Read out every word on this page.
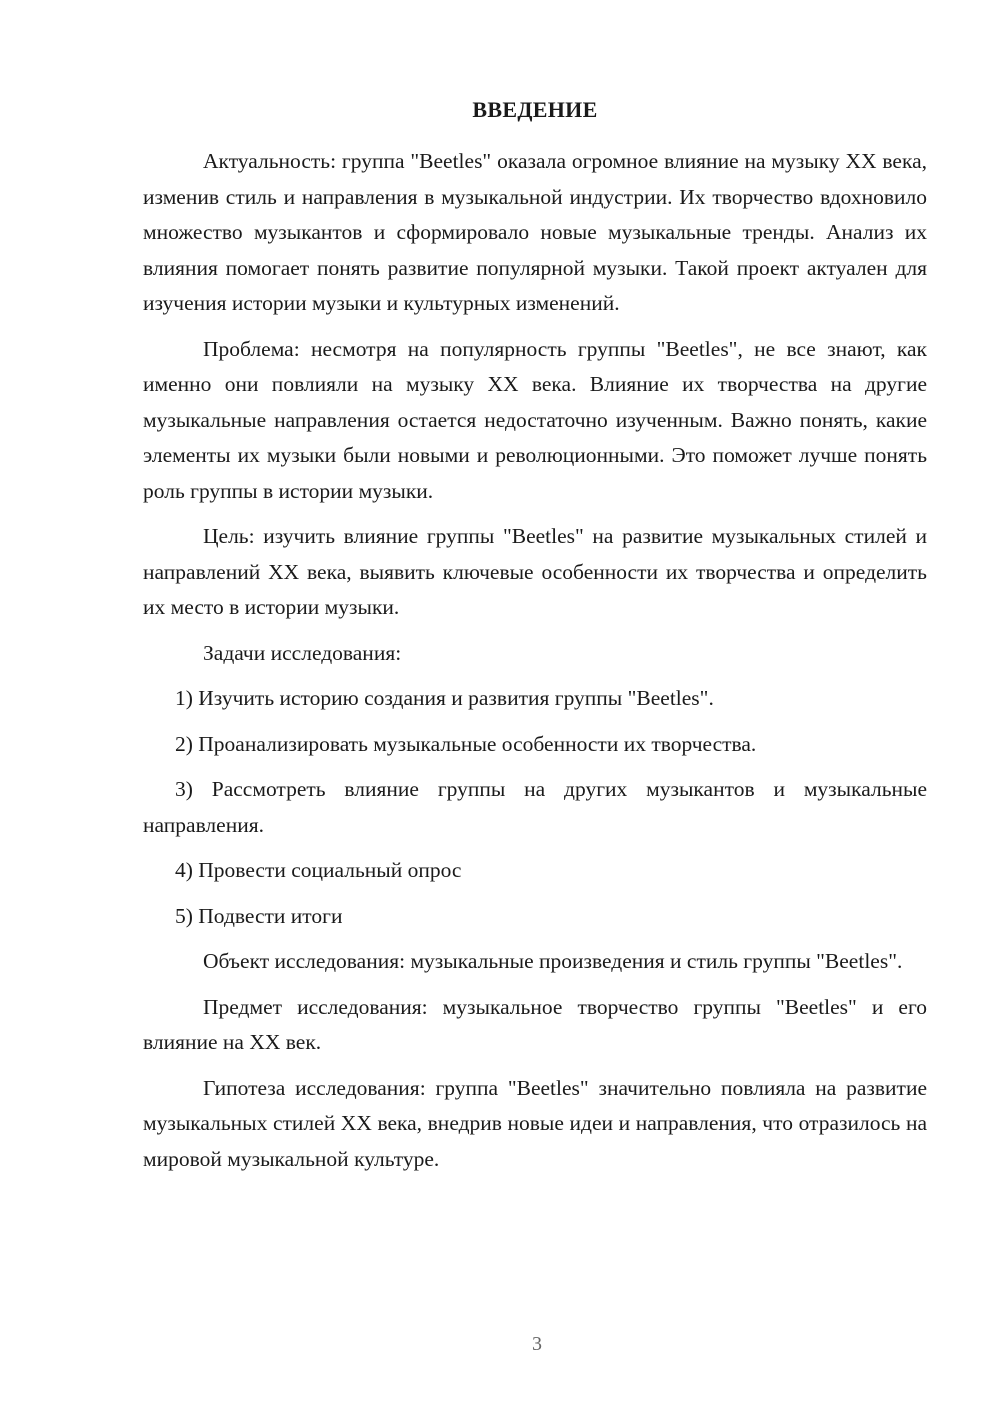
ВВЕДЕНИЕ

Актуальность: группа "Beetles" оказала огромное влияние на музыку XX века, изменив стиль и направления в музыкальной индустрии. Их творчество вдохновило множество музыкантов и сформировало новые музыкальные тренды. Анализ их влияния помогает понять развитие популярной музыки. Такой проект актуален для изучения истории музыки и культурных изменений.

Проблема: несмотря на популярность группы "Beetles", не все знают, как именно они повлияли на музыку XX века. Влияние их творчества на другие музыкальные направления остается недостаточно изученным. Важно понять, какие элементы их музыки были новыми и революционными. Это поможет лучше понять роль группы в истории музыки.

Цель: изучить влияние группы "Beetles" на развитие музыкальных стилей и направлений XX века, выявить ключевые особенности их творчества и определить их место в истории музыки.

Задачи исследования:

1) Изучить историю создания и развития группы "Beetles".

2) Проанализировать музыкальные особенности их творчества.

3) Рассмотреть влияние группы на других музыкантов и музыкальные направления.

4) Провести социальный опрос

5) Подвести итоги

Объект исследования: музыкальные произведения и стиль группы "Beetles".

Предмет исследования: музыкальное творчество группы "Beetles" и его влияние на XX век.

Гипотеза исследования: группа "Beetles" значительно повлияла на развитие музыкальных стилей XX века, внедрив новые идеи и направления, что отразилось на мировой музыкальной культуре.

3
